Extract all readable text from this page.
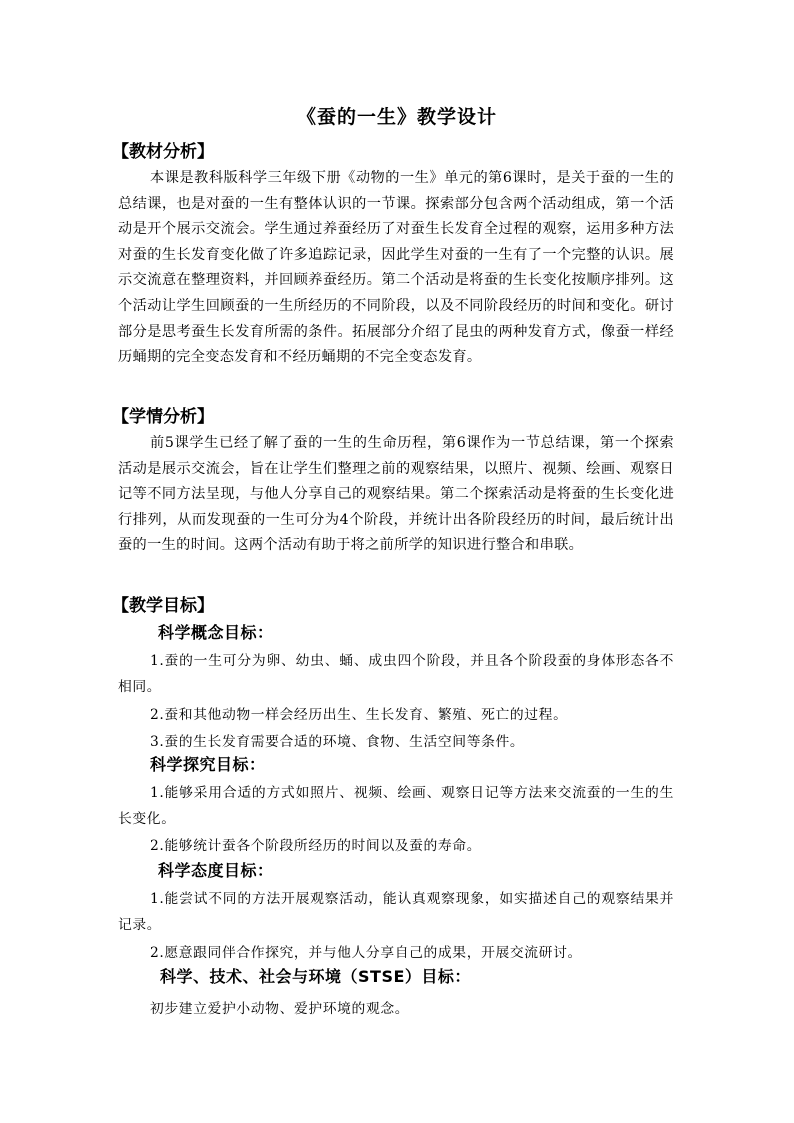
《蚕的一生》教学设计
【教材分析】

本课是教科版科学三年级下册《动物的一生》单元的第6课时，是关于蚕的一生的总结课，也是对蚕的一生有整体认识的一节课。探索部分包含两个活动组成，第一个活动是开个展示交流会。学生通过养蚕经历了对蚕生长发育全过程的观察，运用多种方法对蚕的生长发育变化做了许多追踪记录，因此学生对蚕的一生有了一个完整的认识。展示交流意在整理资料，并回顾养蚕经历。第二个活动是将蚕的生长变化按顺序排列。这个活动让学生回顾蚕的一生所经历的不同阶段，以及不同阶段经历的时间和变化。研讨部分是思考蚕生长发育所需的条件。拓展部分介绍了昆虫的两种发育方式，像蚕一样经历蛹期的完全变态发育和不经历蛹期的不完全变态发育。

【学情分析】

前5课学生已经了解了蚕的一生的生命历程，第6课作为一节总结课，第一个探索活动是展示交流会，旨在让学生们整理之前的观察结果，以照片、视频、绘画、观察日记等不同方法呈现，与他人分享自己的观察结果。第二个探索活动是将蚕的生长变化进行排列，从而发现蚕的一生可分为4个阶段，并统计出各阶段经历的时间，最后统计出蚕的一生的时间。这两个活动有助于将之前所学的知识进行整合和串联。

【教学目标】
科学概念目标：

1.蚕的一生可分为卵、幼虫、蛹、成虫四个阶段，并且各个阶段蚕的身体形态各不相同。

2.蚕和其他动物一样会经历出生、生长发育、繁殖、死亡的过程。

3.蚕的生长发育需要合适的环境、食物、生活空间等条件。

科学探究目标：

1.能够采用合适的方式如照片、视频、绘画、观察日记等方法来交流蚕的一生的生长变化。

2.能够统计蚕各个阶段所经历的时间以及蚕的寿命。

科学态度目标：

1.能尝试不同的方法开展观察活动，能认真观察现象，如实描述自己的观察结果并记录。

2.愿意跟同伴合作探究，并与他人分享自己的成果，开展交流研讨。

科学、技术、社会与环境（STSE）目标：

初步建立爱护小动物、爱护环境的观念。
